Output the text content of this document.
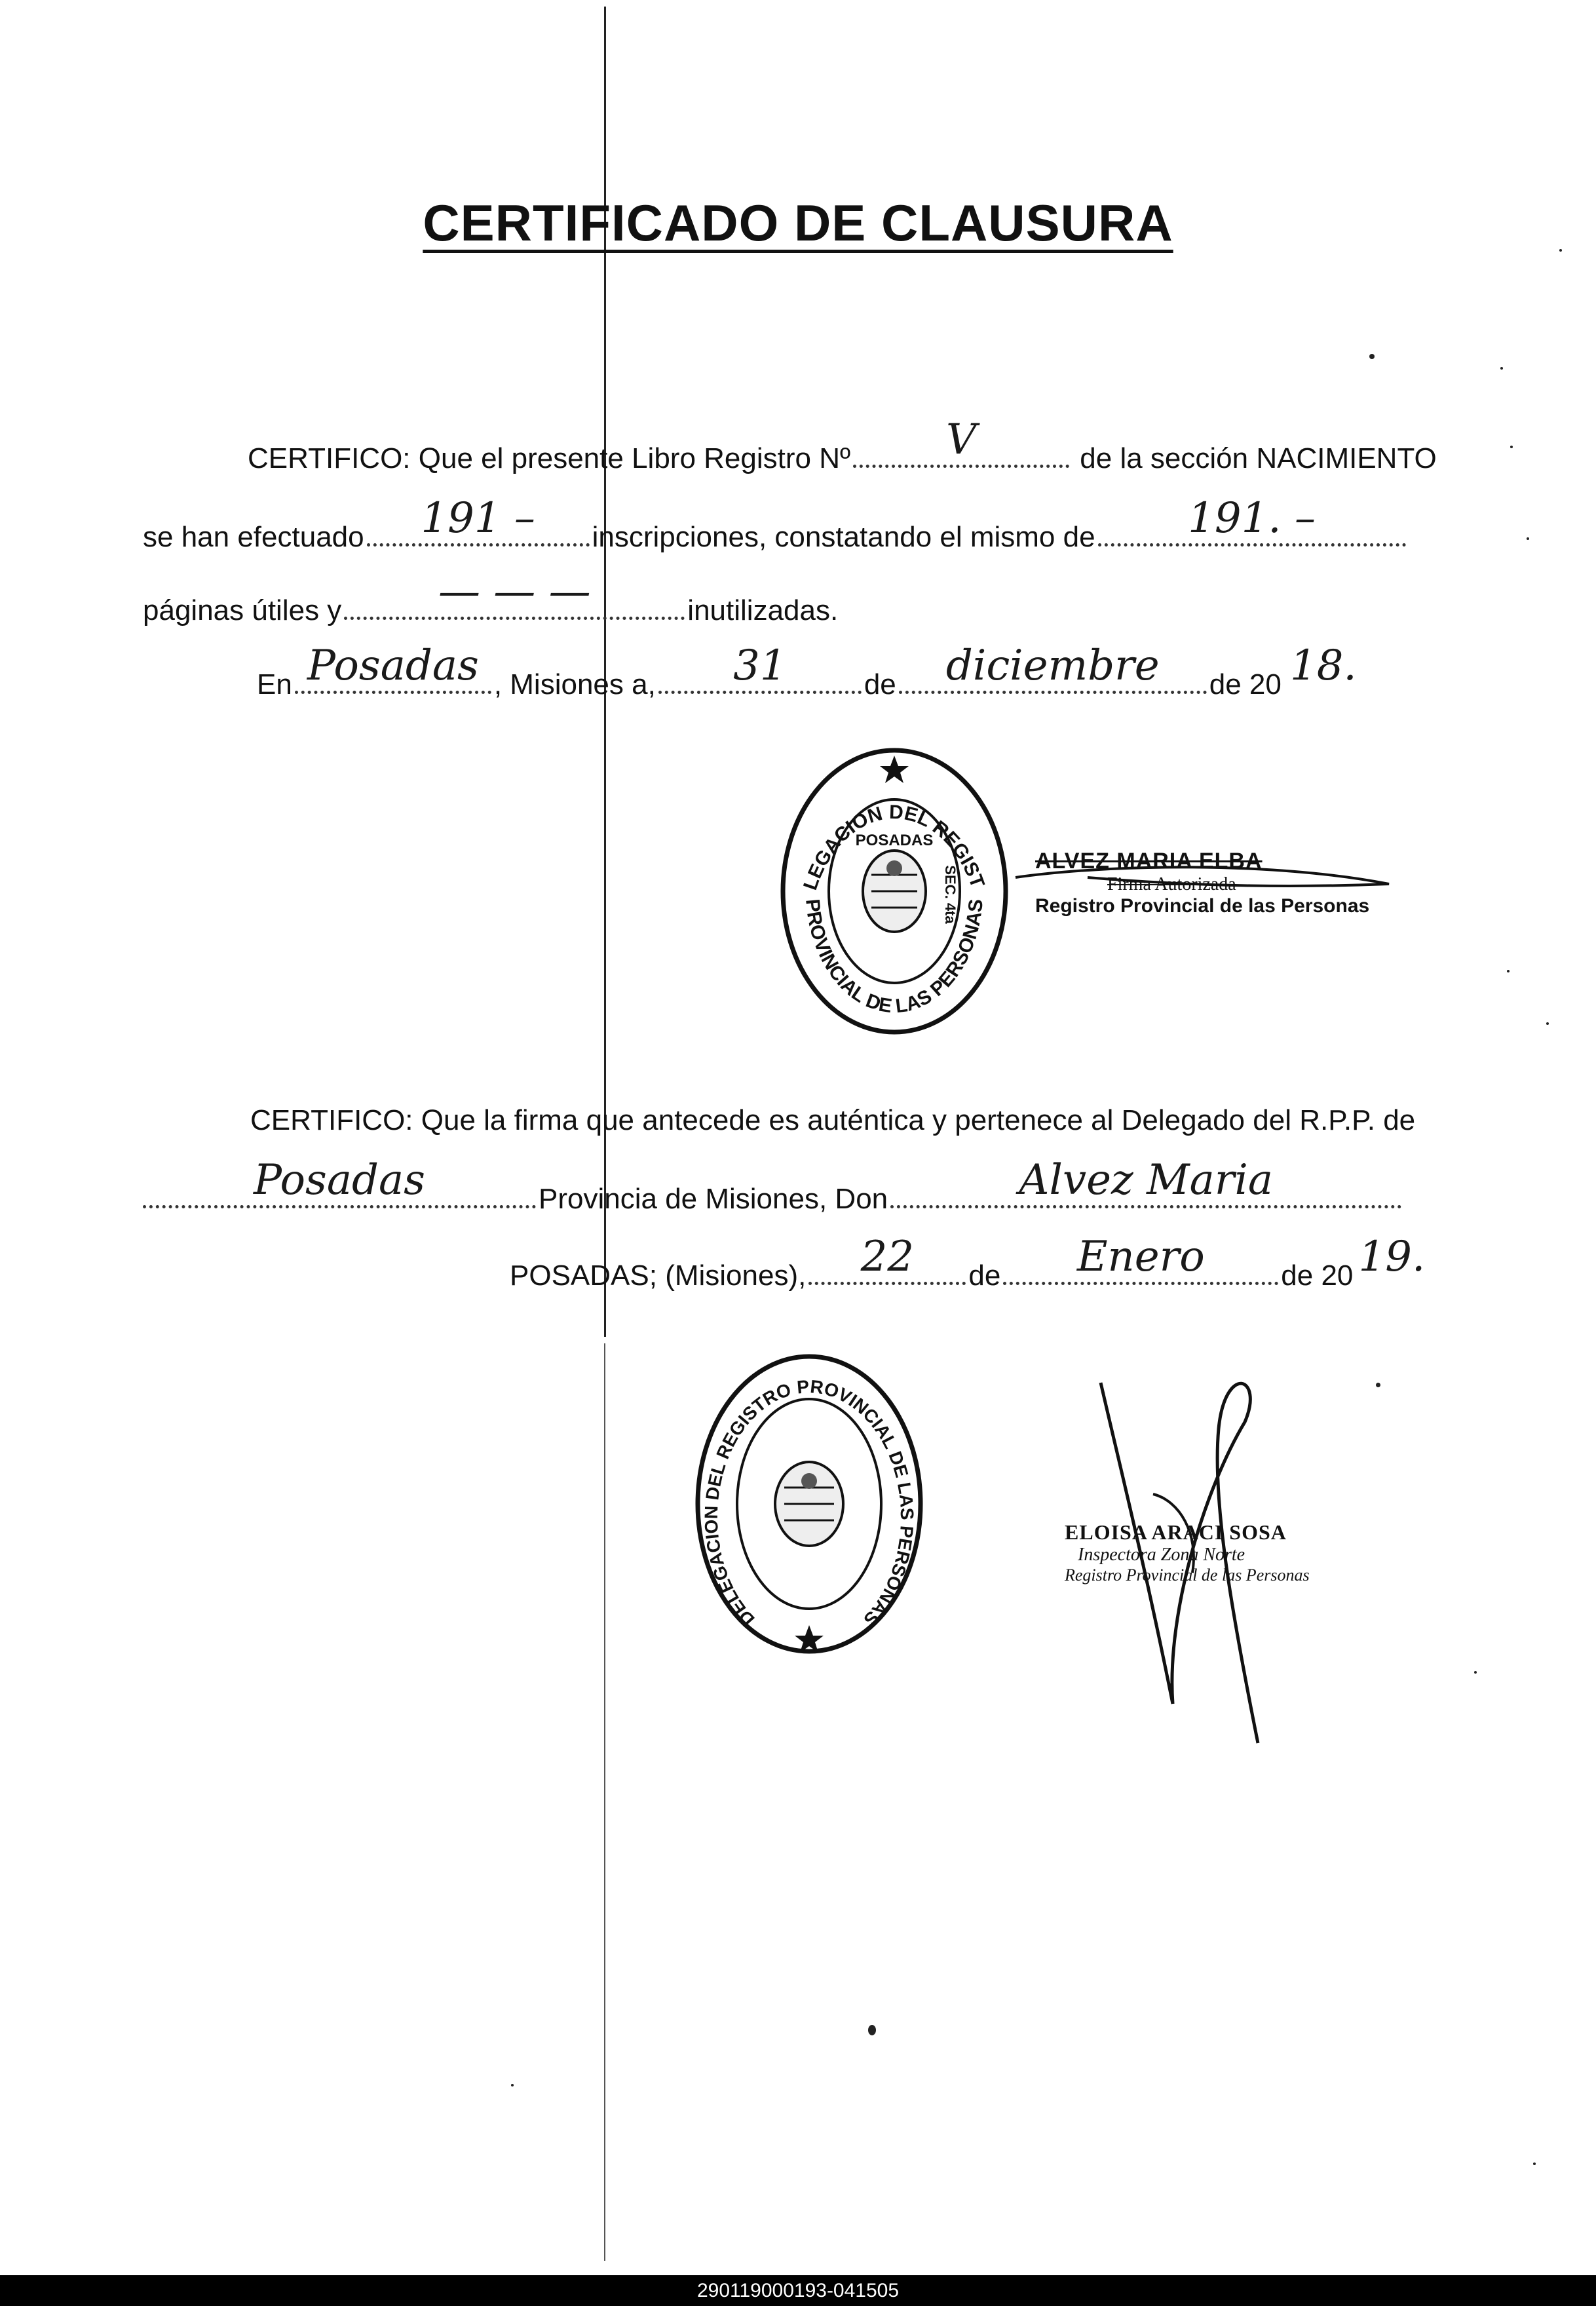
CERTIFICADO DE CLAUSURA
CERTIFICO: Que el presente Libro Registro Nº V	de la sección NACIMIENTO
se han efectuado 191 – inscripciones, constatando el mismo de 191. –
páginas útiles y — — —	inutilizadas.
En Posadas , Misiones a, 31	de diciembre de 20 18.
LEGACION DEL REGIST
PROVINCIAL DE LAS PERSONAS
POSADAS
SEC. 4ta
ALVEZ MARIA ELBA
Firma Autorizada
Registro Provincial de las Personas
CERTIFICO: Que la firma que antecede es auténtica y pertenece al Delegado del R.P.P. de
Posadas	Provincia de Misiones, Don	Alvez Maria
POSADAS; (Misiones), 22 de Enero	de 20 19.
DELEGACION DEL REGISTRO PROVINCIAL DE LAS PERSONAS
ELOISA ARACI SOSA
Inspectora Zona Norte
Registro Provincial de las Personas
290119000193-041505
